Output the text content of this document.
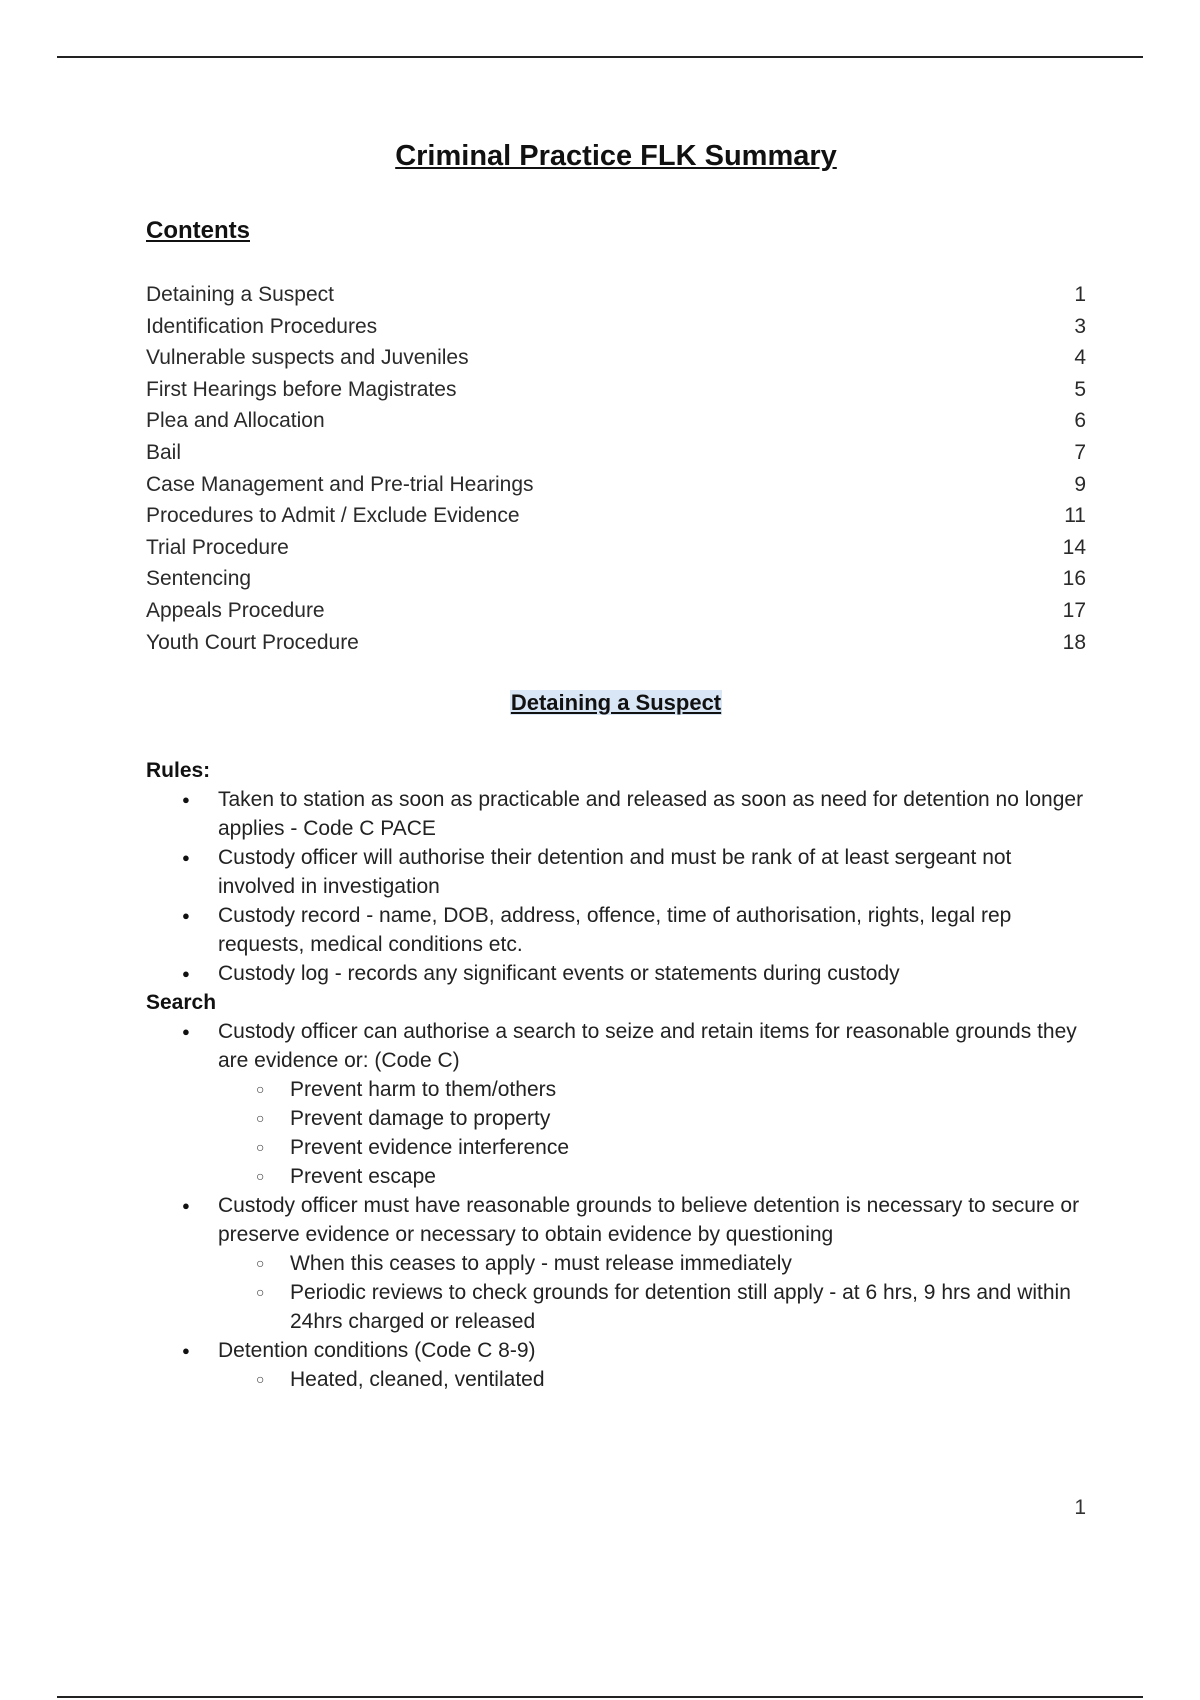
Criminal Practice FLK Summary
Contents
Detaining a Suspect	1
Identification Procedures	3
Vulnerable suspects and Juveniles	4
First Hearings before Magistrates	5
Plea and Allocation	6
Bail	7
Case Management and Pre-trial Hearings	9
Procedures to Admit / Exclude Evidence	11
Trial Procedure	14
Sentencing	16
Appeals Procedure	17
Youth Court Procedure	18
Detaining a Suspect
Rules:
● Taken to station as soon as practicable and released as soon as need for detention no longer applies - Code C PACE
● Custody officer will authorise their detention and must be rank of at least sergeant not involved in investigation
● Custody record - name, DOB, address, offence, time of authorisation, rights, legal rep requests, medical conditions etc.
● Custody log - records any significant events or statements during custody
Search
● Custody officer can authorise a search to seize and retain items for reasonable grounds they are evidence or: (Code C)
○ Prevent harm to them/others
○ Prevent damage to property
○ Prevent evidence interference
○ Prevent escape
● Custody officer must have reasonable grounds to believe detention is necessary to secure or preserve evidence or necessary to obtain evidence by questioning
○ When this ceases to apply - must release immediately
○ Periodic reviews to check grounds for detention still apply - at 6 hrs, 9 hrs and within 24hrs charged or released
● Detention conditions (Code C 8-9)
○ Heated, cleaned, ventilated
1
